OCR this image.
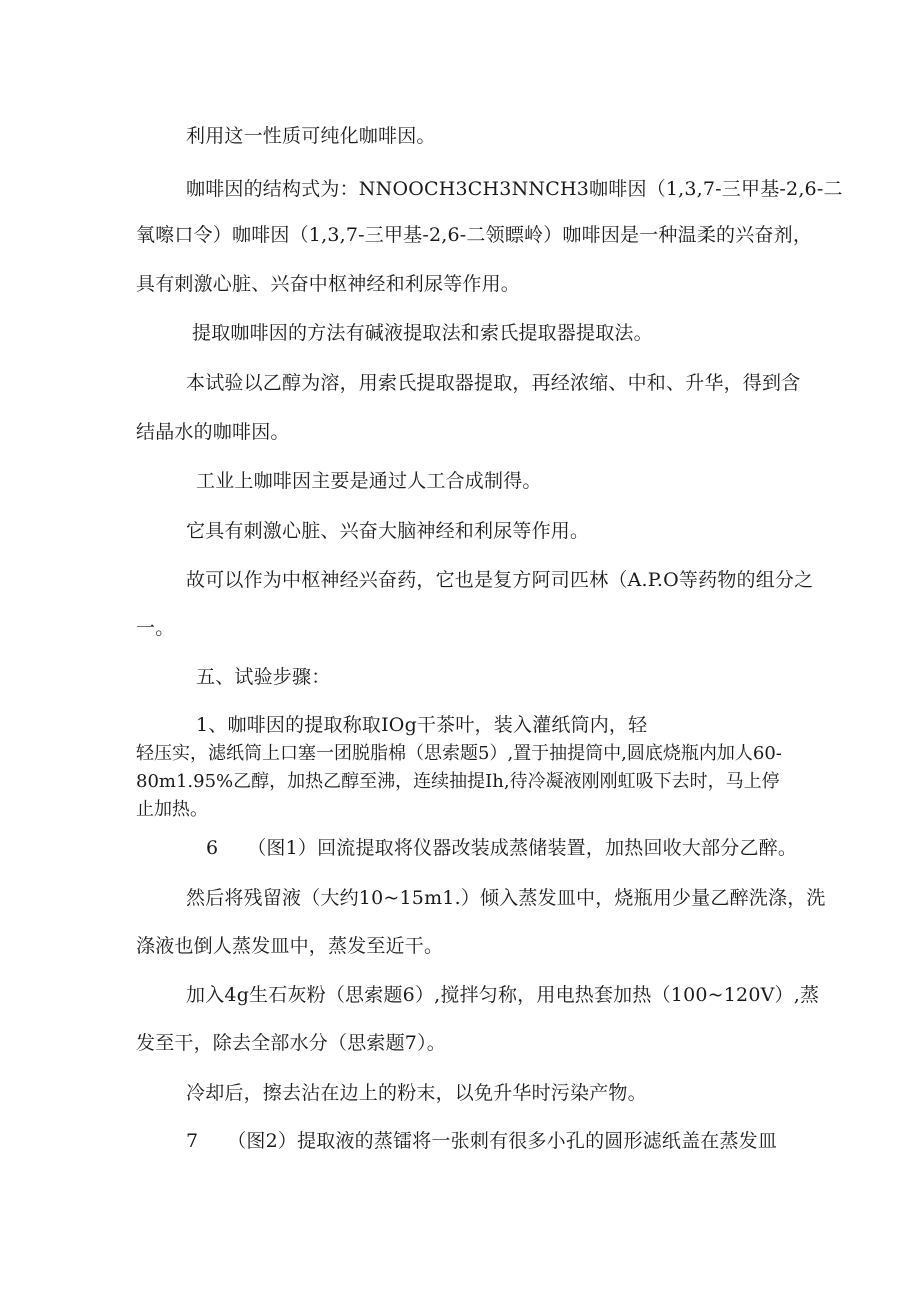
利用这一性质可纯化咖啡因。
咖啡因的结构式为：NNOOCH3CH3NNCH3咖啡因（1,3,7-三甲基-2,6-二
氧嚓口令）咖啡因（1,3,7-三甲基-2,6-二领瞟岭）咖啡因是一种温柔的兴奋剂，
具有刺激心脏、兴奋中枢神经和利尿等作用。
提取咖啡因的方法有碱液提取法和索氏提取器提取法。
本试验以乙醇为溶，用索氏提取器提取，再经浓缩、中和、升华，得到含
结晶水的咖啡因。
工业上咖啡因主要是通过人工合成制得。
它具有刺激心脏、兴奋大脑神经和利尿等作用。
故可以作为中枢神经兴奋药，它也是复方阿司匹林（A.P.O等药物的组分之
一。
五、试验步骤：
1、咖啡因的提取称取IOg干茶叶，装入灌纸筒内，轻
轻压实，滤纸筒上口塞一团脱脂棉（思索题5）,置于抽提筒中,圆底烧瓶内加人60-
80m1.95%乙醇，加热乙醇至沸，连续抽提Ih,待冷凝液刚刚虹吸下去时，马上停
止加热。
6　　（图1）回流提取将仪器改装成蒸储装置，加热回收大部分乙醉。
然后将残留液（大约10~15m1.）倾入蒸发皿中，烧瓶用少量乙醉洗涤，洗
涤液也倒人蒸发皿中，蒸发至近干。
加入4g生石灰粉（思索题6）,搅拌匀称，用电热套加热（100~120V）,蒸
发至干，除去全部水分（思索题7）。
冷却后，擦去沾在边上的粉末，以免升华时污染产物。
7　　（图2）提取液的蒸镭将一张刺有很多小孔的圆形滤纸盖在蒸发皿
